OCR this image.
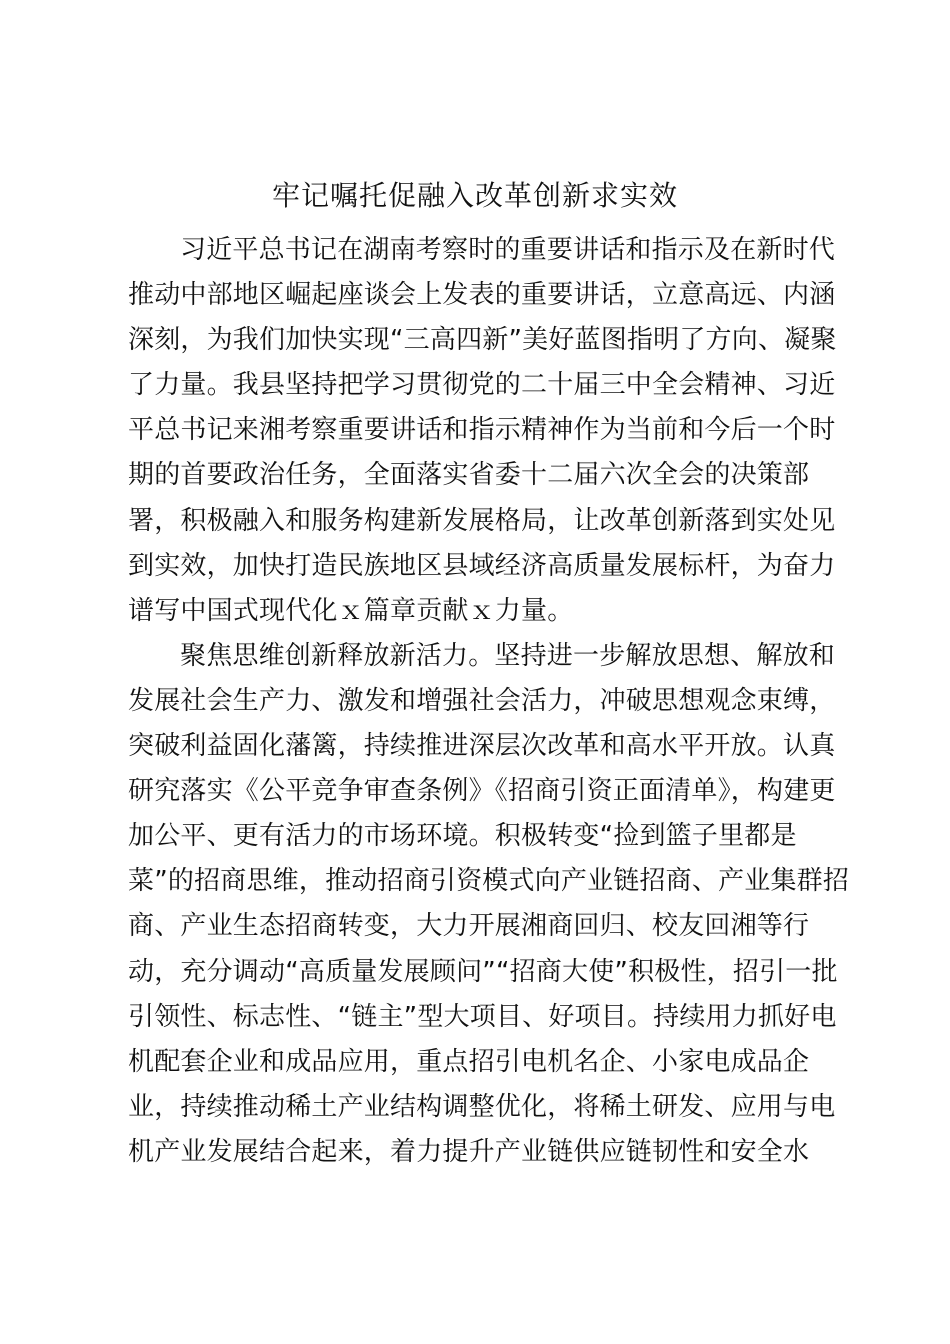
牢记嘱托促融入改革创新求实效
习近平总书记在湖南考察时的重要讲话和指示及在新时代
推动中部地区崛起座谈会上发表的重要讲话，立意高远、内涵
深刻，为我们加快实现“三高四新”美好蓝图指明了方向、凝聚
了力量。我县坚持把学习贯彻党的二十届三中全会精神、习近
平总书记来湘考察重要讲话和指示精神作为当前和今后一个时
期的首要政治任务，全面落实省委十二届六次全会的决策部
署，积极融入和服务构建新发展格局，让改革创新落到实处见
到实效，加快打造民族地区县域经济高质量发展标杆，为奋力
谱写中国式现代化ｘ篇章贡献ｘ力量。
聚焦思维创新释放新活力。坚持进一步解放思想、解放和
发展社会生产力、激发和增强社会活力，冲破思想观念束缚，
突破利益固化藩篱，持续推进深层次改革和高水平开放。认真
研究落实《公平竞争审查条例》《招商引资正面清单》，构建更
加公平、更有活力的市场环境。积极转变“捡到篮子里都是
菜”的招商思维，推动招商引资模式向产业链招商、产业集群招
商、产业生态招商转变，大力开展湘商回归、校友回湘等行
动，充分调动“高质量发展顾问”“招商大使”积极性，招引一批
引领性、标志性、“链主”型大项目、好项目。持续用力抓好电
机配套企业和成品应用，重点招引电机名企、小家电成品企
业，持续推动稀土产业结构调整优化，将稀土研发、应用与电
机产业发展结合起来，着力提升产业链供应链韧性和安全水
